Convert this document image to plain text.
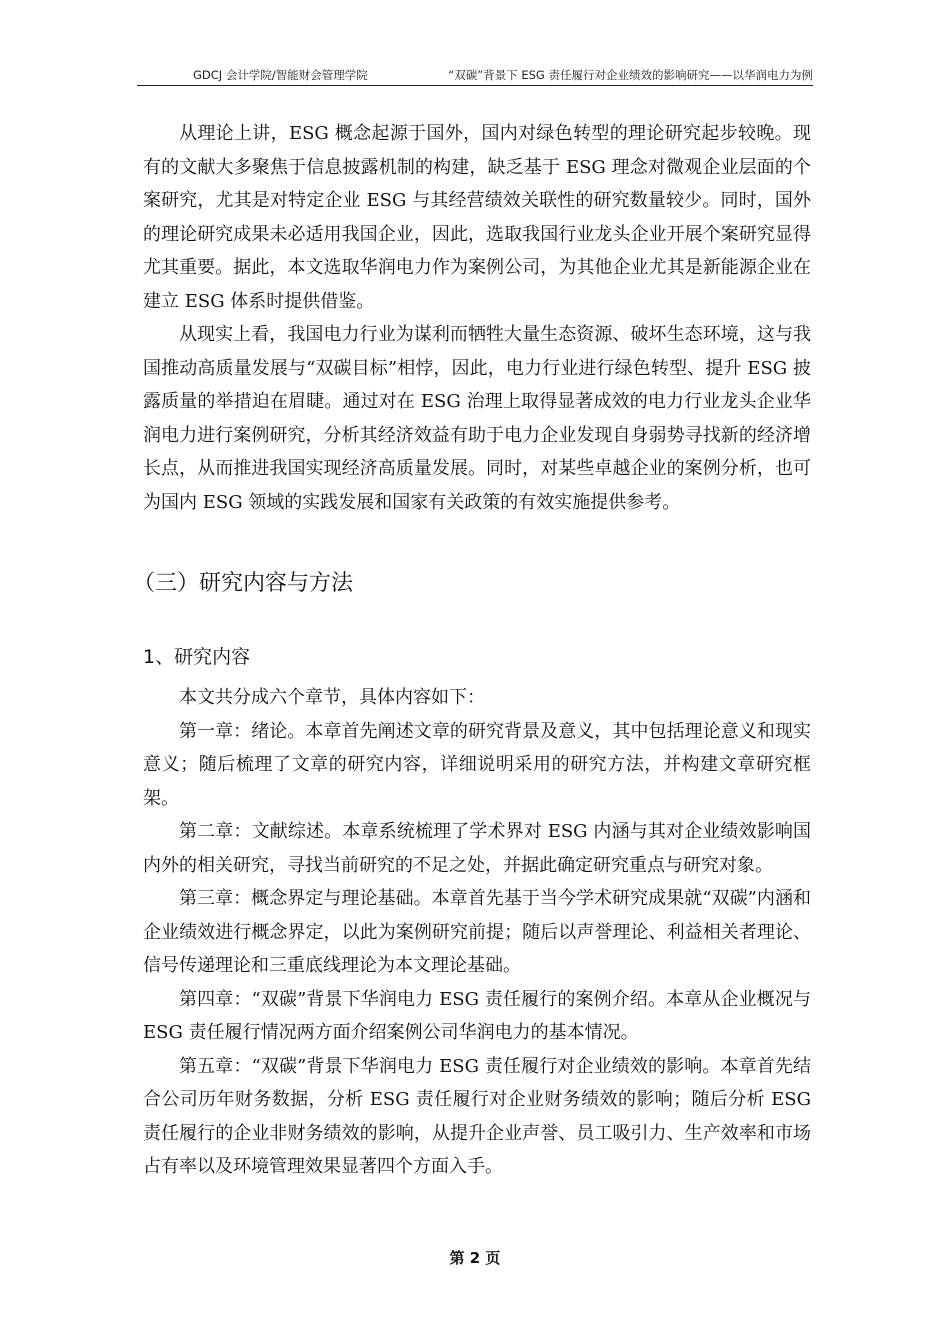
GDCJ 会计学院/智能财会管理学院	“双碳”背景下 ESG 责任履行对企业绩效的影响研究——以华润电力为例

从理论上讲，ESG 概念起源于国外，国内对绿色转型的理论研究起步较晚。现有的文献大多聚焦于信息披露机制的构建，缺乏基于 ESG 理念对微观企业层面的个案研究，尤其是对特定企业 ESG 与其经营绩效关联性的研究数量较少。同时，国外的理论研究成果未必适用我国企业，因此，选取我国行业龙头企业开展个案研究显得尤其重要。据此，本文选取华润电力作为案例公司，为其他企业尤其是新能源企业在建立 ESG 体系时提供借鉴。

从现实上看，我国电力行业为谋利而牺牲大量生态资源、破坏生态环境，这与我国推动高质量发展与“双碳目标”相悖，因此，电力行业进行绿色转型、提升 ESG 披露质量的举措迫在眉睫。通过对在 ESG 治理上取得显著成效的电力行业龙头企业华润电力进行案例研究，分析其经济效益有助于电力企业发现自身弱势寻找新的经济增长点，从而推进我国实现经济高质量发展。同时，对某些卓越企业的案例分析，也可为国内 ESG 领域的实践发展和国家有关政策的有效实施提供参考。

（三）研究内容与方法
1、研究内容

本文共分成六个章节，具体内容如下：

第一章：绪论。本章首先阐述文章的研究背景及意义，其中包括理论意义和现实意义；随后梳理了文章的研究内容，详细说明采用的研究方法，并构建文章研究框架。

第二章：文献综述。本章系统梳理了学术界对 ESG 内涵与其对企业绩效影响国内外的相关研究，寻找当前研究的不足之处，并据此确定研究重点与研究对象。

第三章：概念界定与理论基础。本章首先基于当今学术研究成果就“双碳”内涵和企业绩效进行概念界定，以此为案例研究前提；随后以声誉理论、利益相关者理论、信号传递理论和三重底线理论为本文理论基础。

第四章：“双碳”背景下华润电力 ESG 责任履行的案例介绍。本章从企业概况与 ESG 责任履行情况两方面介绍案例公司华润电力的基本情况。

第五章：“双碳”背景下华润电力 ESG 责任履行对企业绩效的影响。本章首先结合公司历年财务数据，分析 ESG 责任履行对企业财务绩效的影响；随后分析 ESG 责任履行的企业非财务绩效的影响，从提升企业声誉、员工吸引力、生产效率和市场占有率以及环境管理效果显著四个方面入手。

第 2 页
